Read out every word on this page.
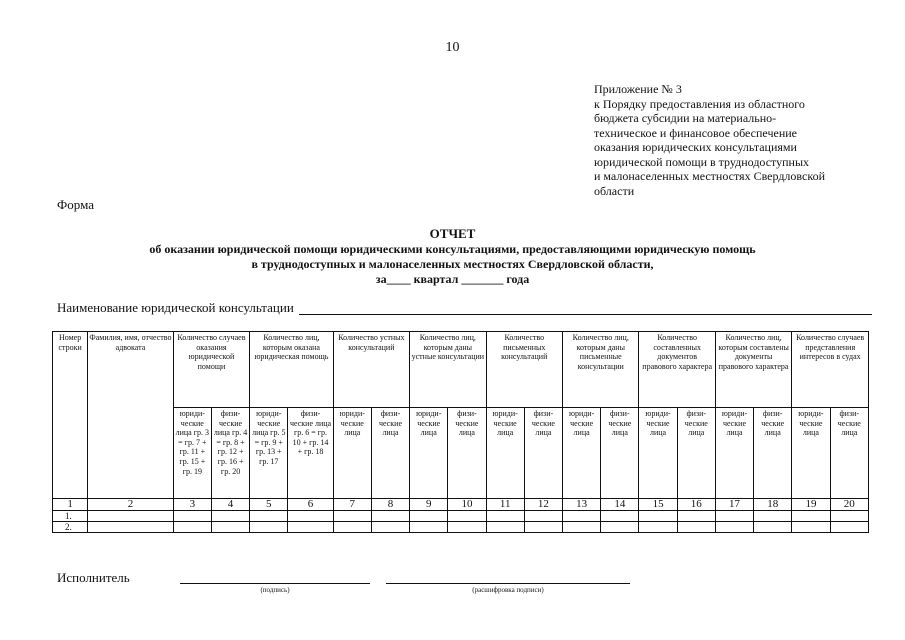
10
Приложение № 3
к Порядку предоставления из областного
бюджета субсидии на материально-
техническое и финансовое обеспечение
оказания юридических консультациями
юридической помощи в труднодоступных
и малонаселенных местностях Свердловской
области
Форма
ОТЧЕТ
об оказании юридической помощи юридическими консультациями, предоставляющими юридическую помощь
в труднодоступных и малонаселенных местностях Свердловской области,
за____ квартал _______ года
Наименование юридической консультации
Номер строки	Фамилия, имя, отчество адвоката	Количество случаев оказания юридической помощи		Количество лиц, которым оказана юридическая помощь		Количество устных консультаций		Количество лиц, которым даны устные консультации		Количество письменных консультаций		Количество лиц, которым даны письменные консультации		Количество составленных документов правового характера		Количество лиц, которым составлены документы правового характера		Количество случаев представления интересов в судах	
		юриди-ческие лица гр. 3 = гр. 7 + гр. 11 + гр. 15 + гр. 19	физи-ческие лица гр. 4 = гр. 8 + гр. 12 + гр. 16 + гр. 20	юриди-ческие лица гр. 5 = гр. 9 + гр. 13 + гр. 17	физи-ческие лица гр. 6 = гр. 10 + гр. 14 + гр. 18	юриди-ческие лица	физи-ческие лица	юриди-ческие лица	физи-ческие лица	юриди-ческие лица	физи-ческие лица	юриди-ческие лица	физи-ческие лица	юриди-ческие лица	физи-ческие лица	юриди-ческие лица	физи-ческие лица	юриди-ческие лица	физи-ческие лица
1	2	3	4	5	6	7	8	9	10	11	12	13	14	15	16	17	18	19	20
1.																			
2.																			
Исполнитель
(подпись)	(расшифровка подписи)
